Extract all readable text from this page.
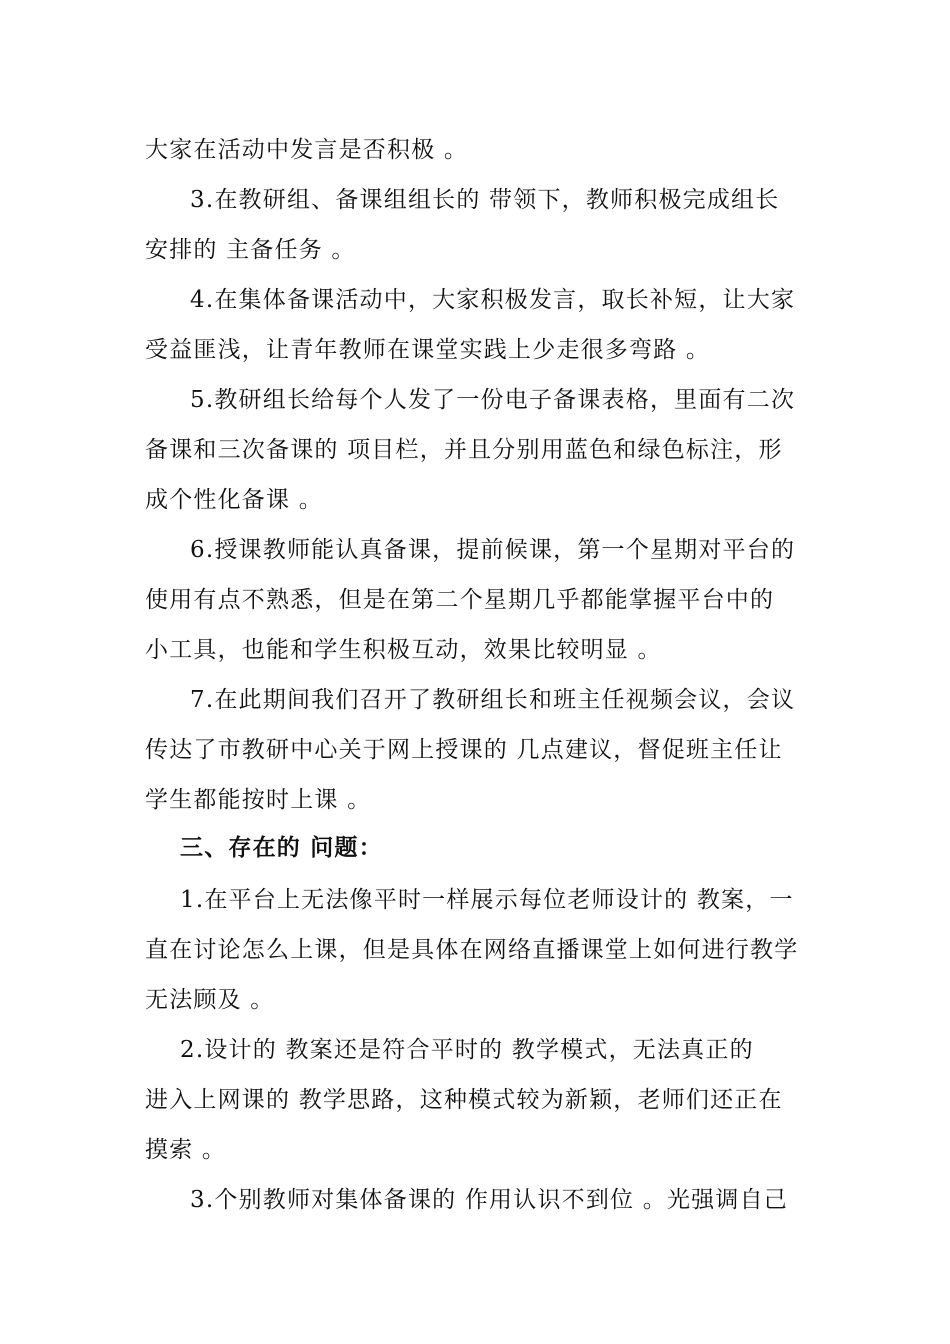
大家在活动中发言是否积极 。
3.在教研组、备课组组长的 带领下，教师积极完成组长
安排的 主备任务 。
4.在集体备课活动中，大家积极发言，取长补短，让大家
受益匪浅，让青年教师在课堂实践上少走很多弯路 。
5.教研组长给每个人发了一份电子备课表格，里面有二次
备课和三次备课的 项目栏，并且分别用蓝色和绿色标注，形
成个性化备课 。
6.授课教师能认真备课，提前候课，第一个星期对平台的
使用有点不熟悉，但是在第二个星期几乎都能掌握平台中的
小工具，也能和学生积极互动，效果比较明显 。
7.在此期间我们召开了教研组长和班主任视频会议，会议
传达了市教研中心关于网上授课的 几点建议，督促班主任让
学生都能按时上课 。
三、存在的 问题：
1.在平台上无法像平时一样展示每位老师设计的 教案，一
直在讨论怎么上课，但是具体在网络直播课堂上如何进行教学
无法顾及 。
2.设计的 教案还是符合平时的 教学模式，无法真正的
进入上网课的 教学思路，这种模式较为新颖，老师们还正在
摸索 。
3.个别教师对集体备课的 作用认识不到位 。光强调自己
